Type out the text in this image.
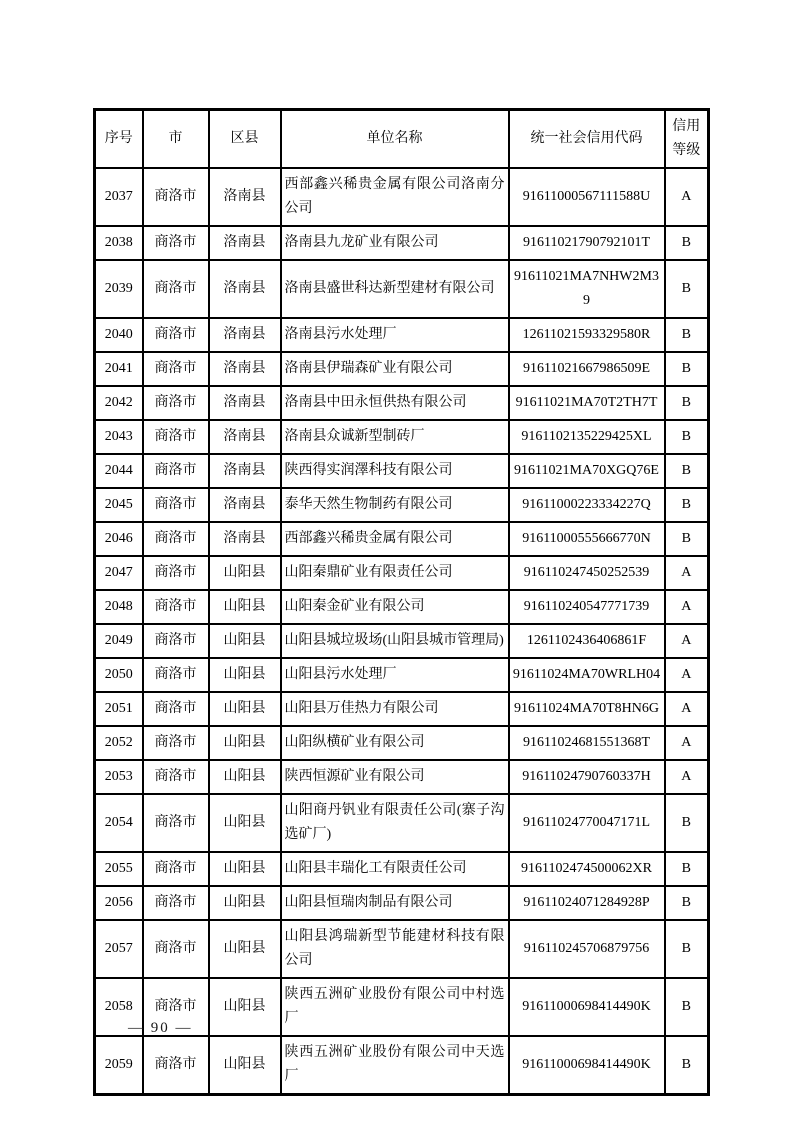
序号	市	区县	单位名称	统一社会信用代码	信用等级
2037	商洛市	洛南县	西部鑫兴稀贵金属有限公司洛南分公司	91611000567111588U	A
2038	商洛市	洛南县	洛南县九龙矿业有限公司	91611021790792101T	B
2039	商洛市	洛南县	洛南县盛世科达新型建材有限公司	91611021MA7NHW2M39	B
2040	商洛市	洛南县	洛南县污水处理厂	12611021593329580R	B
2041	商洛市	洛南县	洛南县伊瑞森矿业有限公司	91611021667986509E	B
2042	商洛市	洛南县	洛南县中田永恒供热有限公司	91611021MA70T2TH7T	B
2043	商洛市	洛南县	洛南县众诚新型制砖厂	9161102135229425XL	B
2044	商洛市	洛南县	陕西得实润澤科技有限公司	91611021MA70XGQ76E	B
2045	商洛市	洛南县	泰华天然生物制药有限公司	91611000223334227Q	B
2046	商洛市	洛南县	西部鑫兴稀贵金属有限公司	91611000555666770N	B
2047	商洛市	山阳县	山阳秦鼎矿业有限责任公司	916110247450252539	A
2048	商洛市	山阳县	山阳秦金矿业有限公司	916110240547771739	A
2049	商洛市	山阳县	山阳县城垃圾场(山阳县城市管理局)	1261102436406861F	A
2050	商洛市	山阳县	山阳县污水处理厂	91611024MA70WRLH04	A
2051	商洛市	山阳县	山阳县万佳热力有限公司	91611024MA70T8HN6G	A
2052	商洛市	山阳县	山阳纵横矿业有限公司	91611024681551368T	A
2053	商洛市	山阳县	陕西恒源矿业有限公司	91611024790760337H	A
2054	商洛市	山阳县	山阳商丹钒业有限责任公司(寨子沟选矿厂)	91611024770047171L	B
2055	商洛市	山阳县	山阳县丰瑞化工有限责任公司	9161102474500062XR	B
2056	商洛市	山阳县	山阳县恒瑞肉制品有限公司	91611024071284928P	B
2057	商洛市	山阳县	山阳县鸿瑞新型节能建材科技有限公司	916110245706879756	B
2058	商洛市	山阳县	陕西五洲矿业股份有限公司中村选厂	91611000698414490K	B
2059	商洛市	山阳县	陕西五洲矿业股份有限公司中天选厂	91611000698414490K	B
— 90 —
